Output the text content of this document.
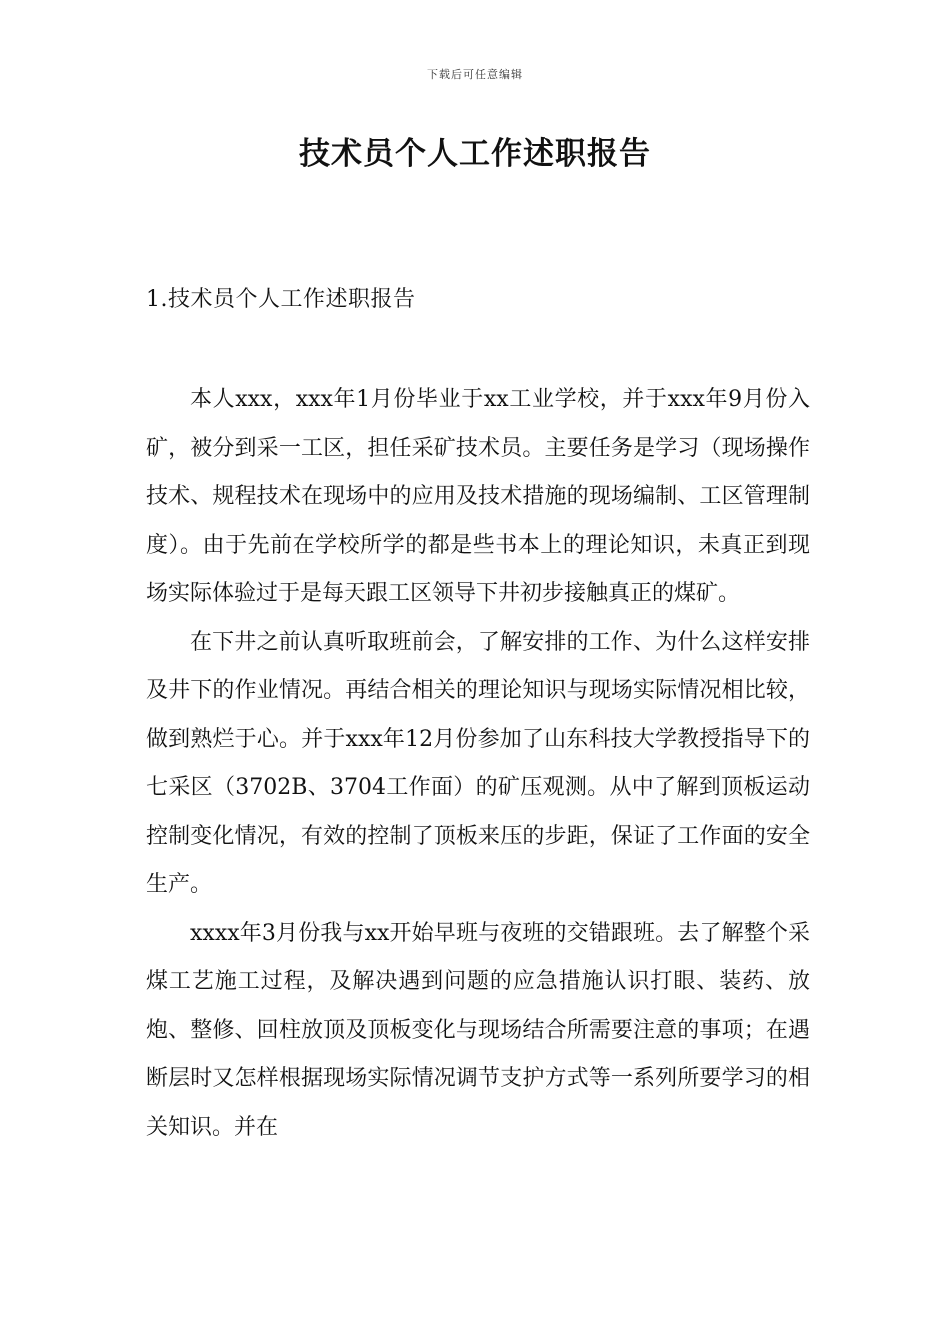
下载后可任意编辑
技术员个人工作述职报告
1.技术员个人工作述职报告

本人xxx，xxx年1月份毕业于xx工业学校，并于xxx年9月份入矿，被分到采一工区，担任采矿技术员。主要任务是学习（现场操作技术、规程技术在现场中的应用及技术措施的现场编制、工区管理制度）。由于先前在学校所学的都是些书本上的理论知识，未真正到现场实际体验过于是每天跟工区领导下井初步接触真正的煤矿。

在下井之前认真听取班前会，了解安排的工作、为什么这样安排及井下的作业情况。再结合相关的理论知识与现场实际情况相比较，做到熟烂于心。并于xxx年12月份参加了山东科技大学教授指导下的七采区（3702B、3704工作面）的矿压观测。从中了解到顶板运动控制变化情况，有效的控制了顶板来压的步距，保证了工作面的安全生产。

xxxx年3月份我与xx开始早班与夜班的交错跟班。去了解整个采煤工艺施工过程，及解决遇到问题的应急措施认识打眼、装药、放炮、整修、回柱放顶及顶板变化与现场结合所需要注意的事项；在遇断层时又怎样根据现场实际情况调节支护方式等一系列所要学习的相关知识。并在
